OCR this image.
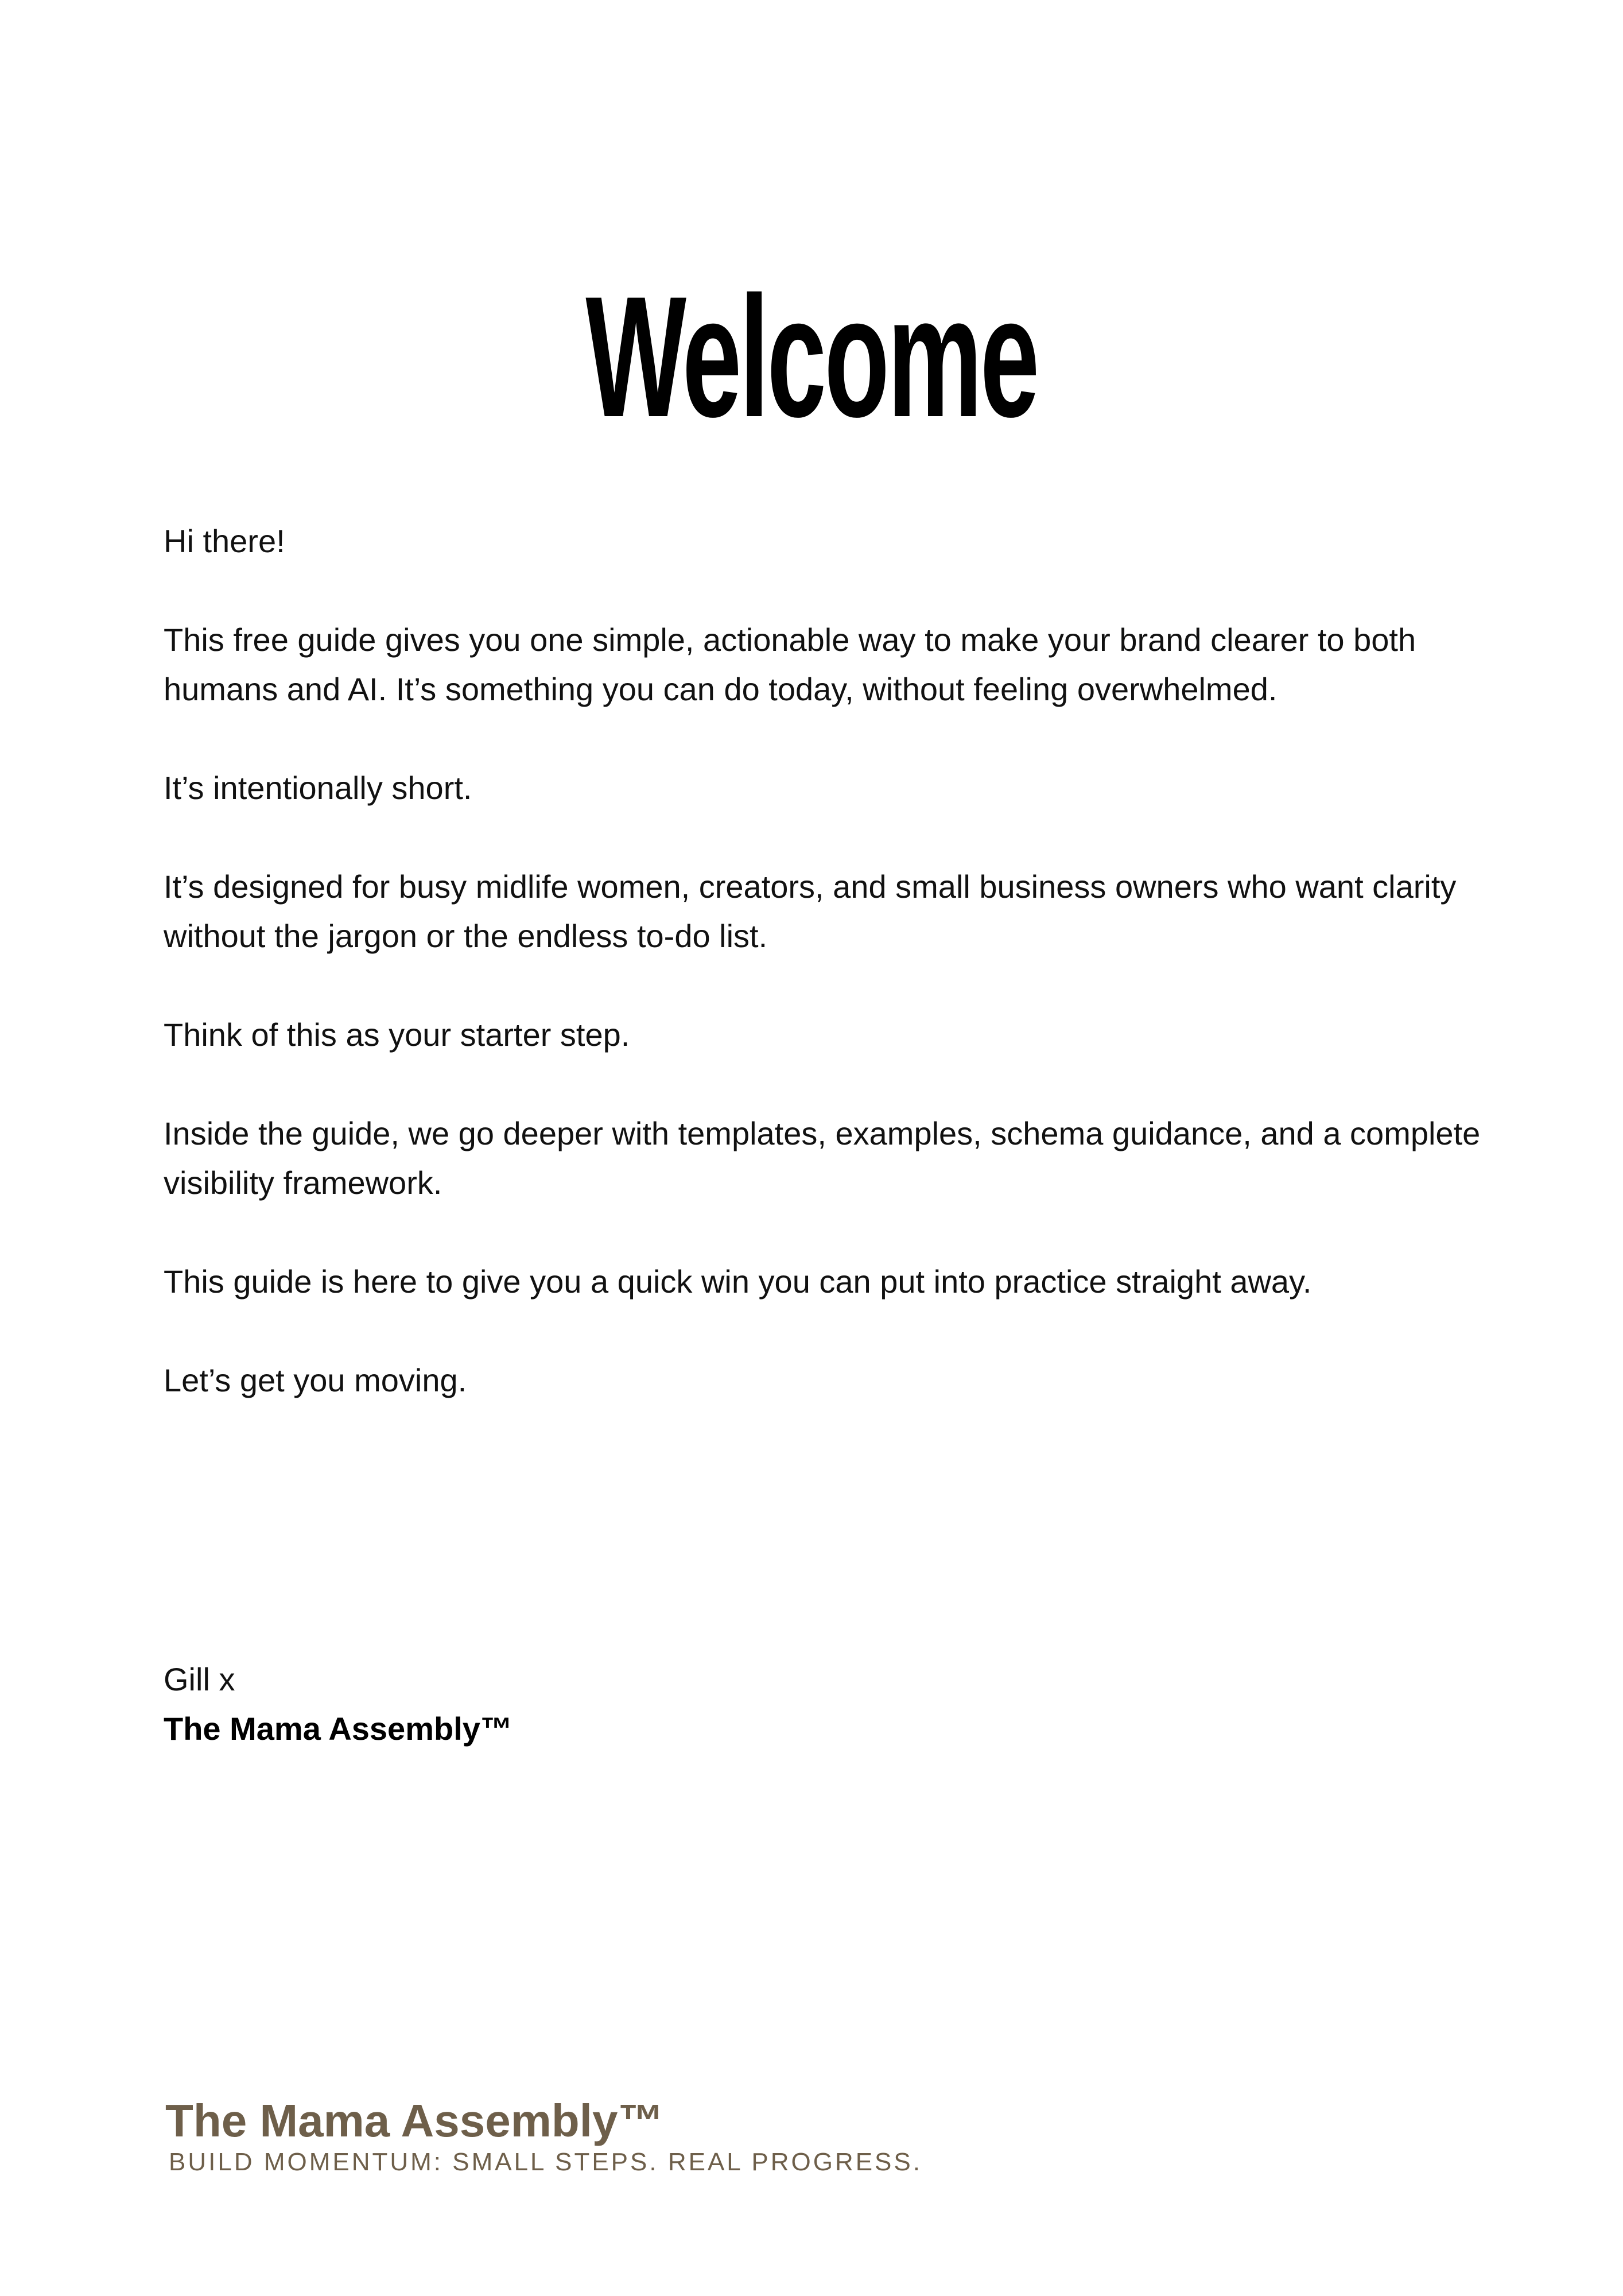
Welcome

Hi there!

This free guide gives you one simple, actionable way to make your brand clearer to both humans and AI. It’s something you can do today, without feeling overwhelmed.

It’s intentionally short.

It’s designed for busy midlife women, creators, and small business owners who want clarity without the jargon or the endless to-do list.

Think of this as your starter step.

Inside the guide, we go deeper with templates, examples, schema guidance, and a complete visibility framework.

This guide is here to give you a quick win you can put into practice straight away.

Let’s get you moving.

Gill x
The Mama Assembly™
The Mama Assembly™
BUILD MOMENTUM: SMALL STEPS. REAL PROGRESS.
